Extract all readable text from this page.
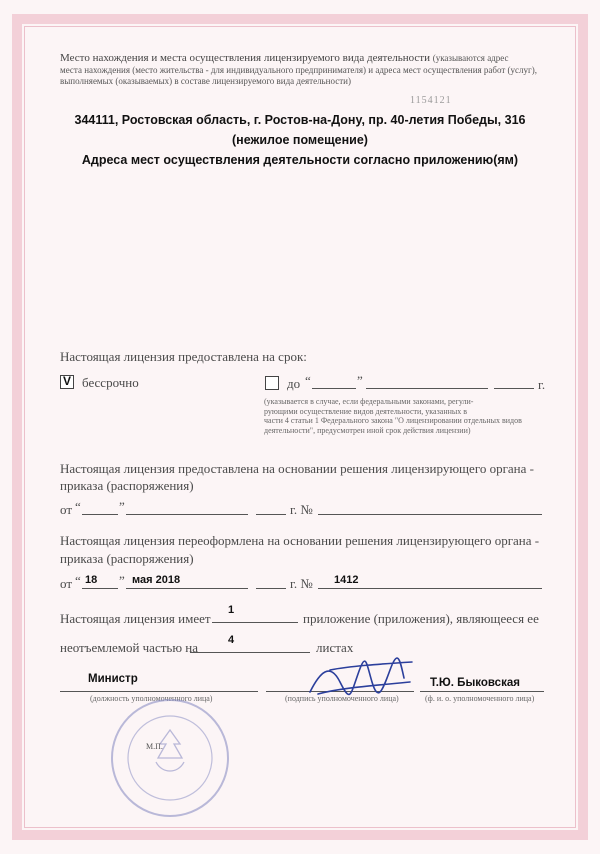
Место нахождения и места осуществления лицензируемого вида деятельности (указываются адрес
места нахождения (место жительства - для индивидуального предпринимателя) и адреса мест осуществления работ (услуг),
выполняемых (оказываемых) в составе лицензируемого вида деятельности)
1154121
344111, Ростовская область, г. Ростов-на-Дону, пр. 40-летия Победы, 316
(нежилое помещение)
Адреса мест осуществления деятельности согласно приложению(ям)
Настоящая лицензия предоставлена на срок:
V бессрочно	до “	”	г.
(указывается в случае, если федеральными законами, регули-
рующими осуществление видов деятельности, указанных в
части 4 статьи 1 Федерального закона "О лицензировании отдельных видов
деятельности", предусмотрен иной срок действия лицензии)
Настоящая лицензия предоставлена на основании решения лицензирующего органа -
приказа (распоряжения)
от “	”	г. №
Настоящая лицензия переоформлена на основании решения лицензирующего органа -
приказа (распоряжения)
от “ 18 ” мая 2018	г. № 1412
Настоящая лицензия имеет
1
приложение (приложения), являющееся ее
неотъемлемой частью на	4	листах
Министр
(должность уполномоченного лица)	(подпись уполномоченного лица)
Т.Ю. Быковская
(ф. и. о. уполномоченного лица)
М.П.
